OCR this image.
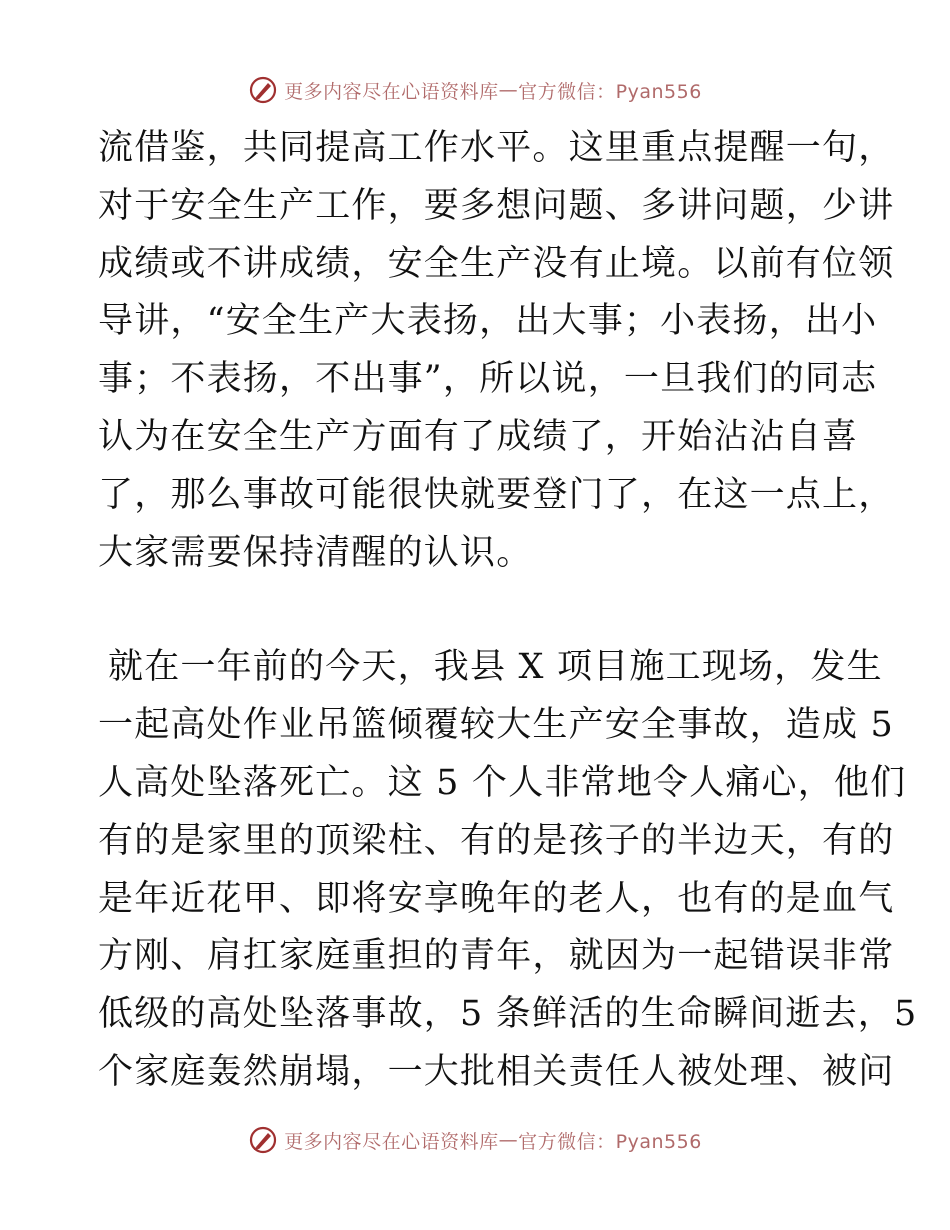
更多内容尽在心语资料库 — 官方微信：Pyan556
流借鉴，共同提高工作水平。这里重点提醒一句，
对于安全生产工作，要多想问题、多讲问题，少讲
成绩或不讲成绩，安全生产没有止境。以前有位领
导讲，“安全生产大表扬，出大事；小表扬，出小
事；不表扬，不出事”，所以说，一旦我们的同志
认为在安全生产方面有了成绩了，开始沾沾自喜
了，那么事故可能很快就要登门了，在这一点上，
大家需要保持清醒的认识。
就在一年前的今天，我县 X 项目施工现场，发生
一起高处作业吊篮倾覆较大生产安全事故，造成 5
人高处坠落死亡。这 5 个人非常地令人痛心，他们
有的是家里的顶梁柱、有的是孩子的半边天，有的
是年近花甲、即将安享晚年的老人，也有的是血气
方刚、肩扛家庭重担的青年，就因为一起错误非常
低级的高处坠落事故，5 条鲜活的生命瞬间逝去，5
个家庭轰然崩塌，一大批相关责任人被处理、被问
更多内容尽在心语资料库 — 官方微信：Pyan556
